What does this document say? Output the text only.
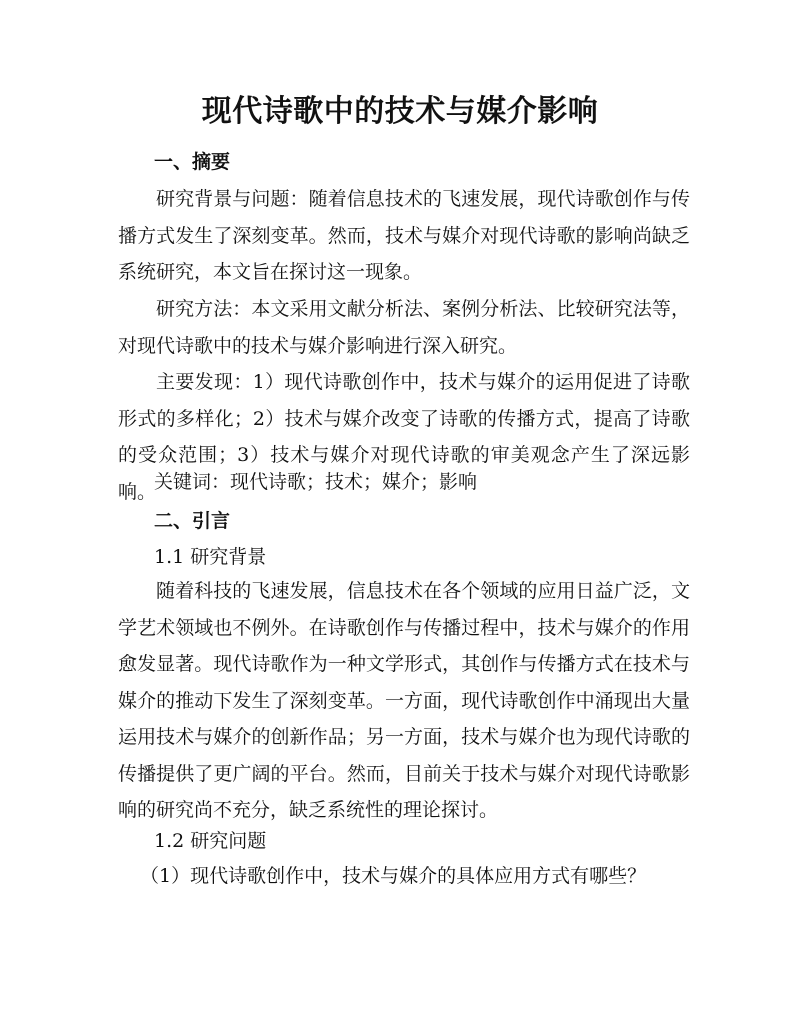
现代诗歌中的技术与媒介影响
一、摘要
研究背景与问题：随着信息技术的飞速发展，现代诗歌创作与传播方式发生了深刻变革。然而，技术与媒介对现代诗歌的影响尚缺乏系统研究，本文旨在探讨这一现象。
研究方法：本文采用文献分析法、案例分析法、比较研究法等，对现代诗歌中的技术与媒介影响进行深入研究。
主要发现：1）现代诗歌创作中，技术与媒介的运用促进了诗歌形式的多样化；2）技术与媒介改变了诗歌的传播方式，提高了诗歌的受众范围；3）技术与媒介对现代诗歌的审美观念产生了深远影响。
关键词：现代诗歌；技术；媒介；影响
二、引言
1.1 研究背景
随着科技的飞速发展，信息技术在各个领域的应用日益广泛，文学艺术领域也不例外。在诗歌创作与传播过程中，技术与媒介的作用愈发显著。现代诗歌作为一种文学形式，其创作与传播方式在技术与媒介的推动下发生了深刻变革。一方面，现代诗歌创作中涌现出大量运用技术与媒介的创新作品；另一方面，技术与媒介也为现代诗歌的传播提供了更广阔的平台。然而，目前关于技术与媒介对现代诗歌影响的研究尚不充分，缺乏系统性的理论探讨。
1.2 研究问题
（1）现代诗歌创作中，技术与媒介的具体应用方式有哪些？
